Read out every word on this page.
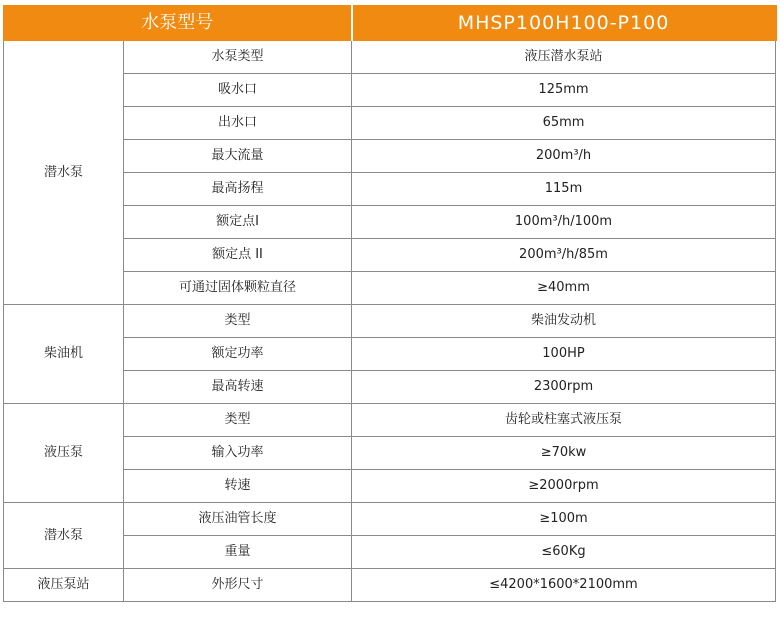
水泵型号		MHSP100H100-P100
潜水泵	水泵类型	液压潜水泵站
	吸水口	125mm
	出水口	65mm
	最大流量	200m³/h
	最高扬程	115m
	额定点I	100m³/h/100m
	额定点 II	200m³/h/85m
	可通过固体颗粒直径	≥40mm
柴油机	类型	柴油发动机
	额定功率	100HP
	最高转速	2300rpm
液压泵	类型	齿轮或柱塞式液压泵
	输入功率	≥70kw
	转速	≥2000rpm
潜水泵	液压油管长度	≥100m
	重量	≤60Kg
液压泵站	外形尺寸	≤4200*1600*2100mm
